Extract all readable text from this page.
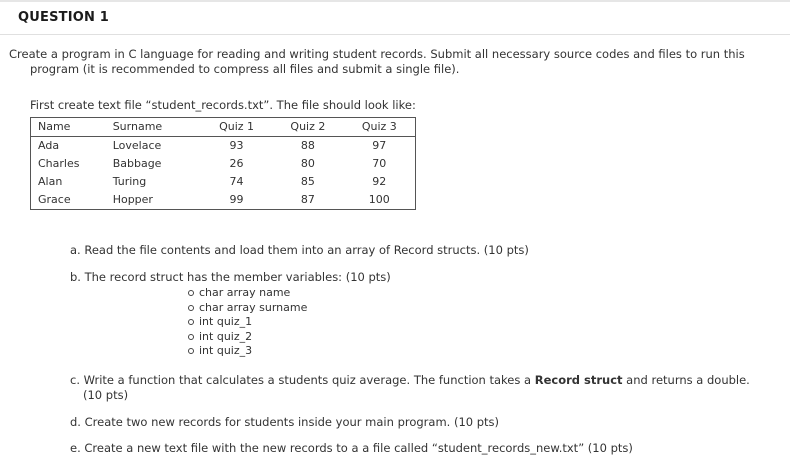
QUESTION 1
Create a program in C language for reading and writing student records. Submit all necessary source codes and files to run this
program (it is recommended to compress all files and submit a single file).
First create text file “student_records.txt”. The file should look like:
Name	Surname	Quiz 1	Quiz 2	Quiz 3
Ada	Lovelace	93	88	97
Charles	Babbage	26	80	70
Alan	Turing	74	85	92
Grace	Hopper	99	87	100
a. Read the file contents and load them into an array of Record structs. (10 pts)
b. The record struct has the member variables: (10 pts)
char array name
char array surname
int quiz_1
int quiz_2
int quiz_3
c. Write a function that calculates a students quiz average. The function takes a Record struct and returns a double.
(10 pts)
d. Create two new records for students inside your main program. (10 pts)
e. Create a new text file with the new records to a a file called “student_records_new.txt” (10 pts)
